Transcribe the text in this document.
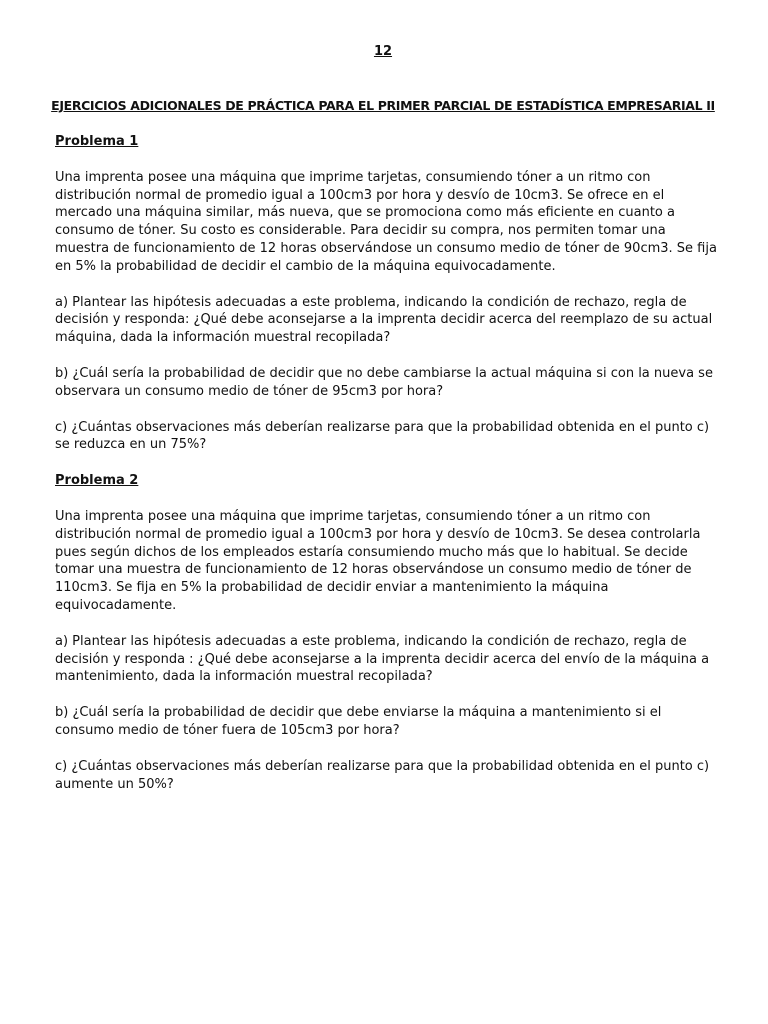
12
EJERCICIOS ADICIONALES DE PRÁCTICA PARA EL PRIMER PARCIAL DE ESTADÍSTICA EMPRESARIAL II
Problema 1

Una imprenta posee una máquina que imprime tarjetas, consumiendo tóner a un ritmo con distribución normal de promedio igual a 100cm3 por hora y desvío de 10cm3. Se ofrece en el mercado una máquina similar, más nueva, que se promociona como más eficiente en cuanto a consumo de tóner. Su costo es considerable. Para decidir su compra, nos permiten tomar una muestra de funcionamiento de 12 horas observándose un consumo medio de tóner de 90cm3. Se fija en 5% la probabilidad de decidir el cambio de la máquina equivocadamente.

a) Plantear las hipótesis adecuadas a este problema, indicando la condición de rechazo, regla de decisión y responda: ¿Qué debe aconsejarse a la imprenta decidir acerca del reemplazo de su actual máquina, dada la información muestral recopilada?

b) ¿Cuál sería la probabilidad de decidir que no debe cambiarse la actual máquina si con la nueva se observara un consumo medio de tóner de 95cm3 por hora?

c) ¿Cuántas observaciones más deberían realizarse para que la probabilidad obtenida en el punto c) se reduzca en un 75%?

Problema 2

Una imprenta posee una máquina que imprime tarjetas, consumiendo tóner a un ritmo con distribución normal de promedio igual a 100cm3 por hora y desvío de 10cm3. Se desea controlarla pues según dichos de los empleados estaría consumiendo mucho más que lo habitual. Se decide tomar una muestra de funcionamiento de 12 horas observándose un consumo medio de tóner de 110cm3. Se fija en 5% la probabilidad de decidir enviar a mantenimiento la máquina equivocadamente.

a) Plantear las hipótesis adecuadas a este problema, indicando la condición de rechazo, regla de decisión y responda : ¿Qué debe aconsejarse a la imprenta decidir acerca del envío de la máquina a mantenimiento, dada la información muestral recopilada?

b) ¿Cuál sería la probabilidad de decidir que debe enviarse la máquina a mantenimiento si el consumo medio de tóner fuera de 105cm3 por hora?

c) ¿Cuántas observaciones más deberían realizarse para que la probabilidad obtenida en el punto c) aumente un 50%?
